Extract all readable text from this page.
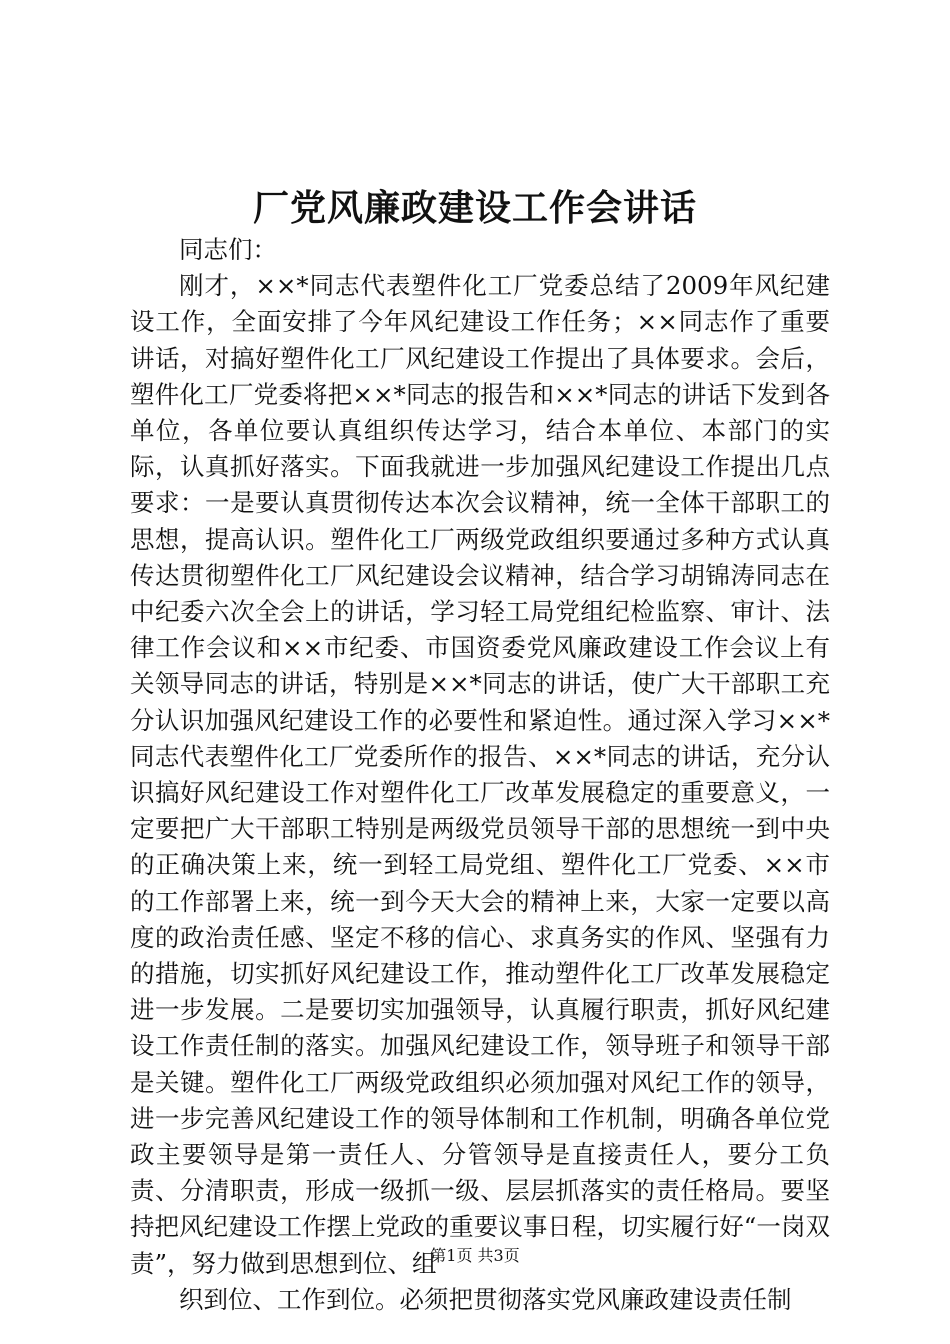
厂党风廉政建设工作会讲话

同志们：

刚才，××*同志代表塑件化工厂党委总结了2009年风纪建设工作，全面安排了今年风纪建设工作任务；××同志作了重要讲话，对搞好塑件化工厂风纪建设工作提出了具体要求。会后，塑件化工厂党委将把××*同志的报告和××*同志的讲话下发到各单位，各单位要认真组织传达学习，结合本单位、本部门的实际，认真抓好落实。下面我就进一步加强风纪建设工作提出几点要求：一是要认真贯彻传达本次会议精神，统一全体干部职工的思想，提高认识。塑件化工厂两级党政组织要通过多种方式认真传达贯彻塑件化工厂风纪建设会议精神，结合学习胡锦涛同志在中纪委六次全会上的讲话，学习轻工局党组纪检监察、审计、法律工作会议和××市纪委、市国资委党风廉政建设工作会议上有关领导同志的讲话，特别是××*同志的讲话，使广大干部职工充分认识加强风纪建设工作的必要性和紧迫性。通过深入学习××*同志代表塑件化工厂党委所作的报告、××*同志的讲话，充分认识搞好风纪建设工作对塑件化工厂改革发展稳定的重要意义，一定要把广大干部职工特别是两级党员领导干部的思想统一到中央的正确决策上来，统一到轻工局党组、塑件化工厂党委、××市的工作部署上来，统一到今天大会的精神上来，大家一定要以高度的政治责任感、坚定不移的信心、求真务实的作风、坚强有力的措施，切实抓好风纪建设工作，推动塑件化工厂改革发展稳定进一步发展。二是要切实加强领导，认真履行职责，抓好风纪建设工作责任制的落实。加强风纪建设工作，领导班子和领导干部是关键。塑件化工厂两级党政组织必须加强对风纪工作的领导，进一步完善风纪建设工作的领导体制和工作机制，明确各单位党政主要领导是第一责任人、分管领导是直接责任人，要分工负责、分清职责，形成一级抓一级、层层抓落实的责任格局。要坚持把风纪建设工作摆上党政的重要议事日程，切实履行好“一岗双责”，努力做到思想到位、组

织到位、工作到位。必须把贯彻落实党风廉政建设责任制

第1页 共3页
